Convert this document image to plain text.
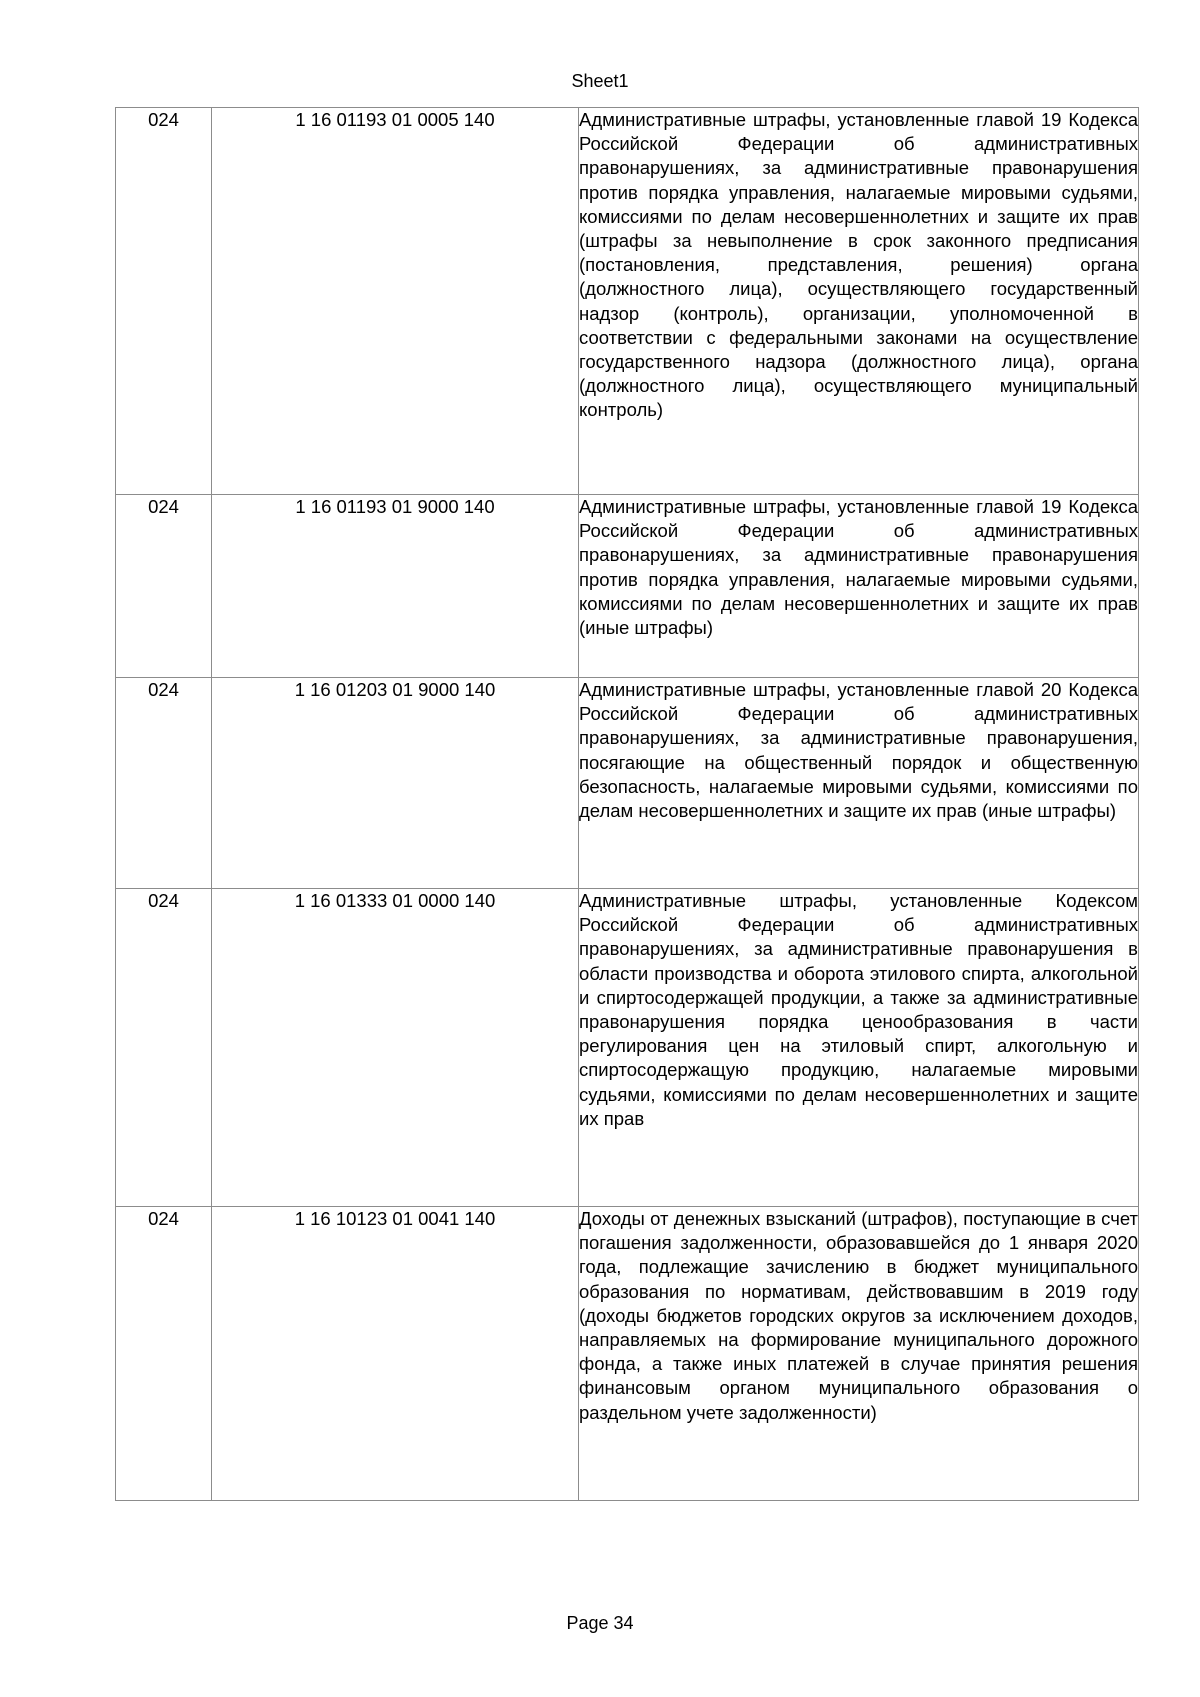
Sheet1
024	1 16 01193 01 0005 140	Административные штрафы, установленные главой 19 Кодекса Российской Федерации об административных правонарушениях, за административные правонарушения против порядка управления, налагаемые мировыми судьями, комиссиями по делам несовершеннолетних и защите их прав (штрафы за невыполнение в срок законного предписания (постановления, представления, решения) органа (должностного лица), осуществляющего государственный надзор (контроль), организации, уполномоченной в соответствии с федеральными законами на осуществление государственного надзора (должностного лица), органа (должностного лица), осуществляющего муниципальный контроль)
024	1 16 01193 01 9000 140	Административные штрафы, установленные главой 19 Кодекса Российской Федерации об административных правонарушениях, за административные правонарушения против порядка управления, налагаемые мировыми судьями, комиссиями по делам несовершеннолетних и защите их прав (иные штрафы)
024	1 16 01203 01 9000 140	Административные штрафы, установленные главой 20 Кодекса Российской Федерации об административных правонарушениях, за административные правонарушения, посягающие на общественный порядок и общественную безопасность, налагаемые мировыми судьями, комиссиями по делам несовершеннолетних и защите их прав (иные штрафы)
024	1 16 01333 01 0000 140	Административные штрафы, установленные Кодексом Российской Федерации об административных правонарушениях, за административные правонарушения в области производства и оборота этилового спирта, алкогольной и спиртосодержащей продукции, а также за административные правонарушения порядка ценообразования в части регулирования цен на этиловый спирт, алкогольную и спиртосодержащую продукцию, налагаемые мировыми судьями, комиссиями по делам несовершеннолетних и защите их прав
024	1 16 10123 01 0041 140	Доходы от денежных взысканий (штрафов), поступающие в счет погашения задолженности, образовавшейся до 1 января 2020 года, подлежащие зачислению в бюджет муниципального образования по нормативам, действовавшим в 2019 году (доходы бюджетов городских округов за исключением доходов, направляемых на формирование муниципального дорожного фонда, а также иных платежей в случае принятия решения финансовым органом муниципального образования о раздельном учете задолженности)
Page 34
